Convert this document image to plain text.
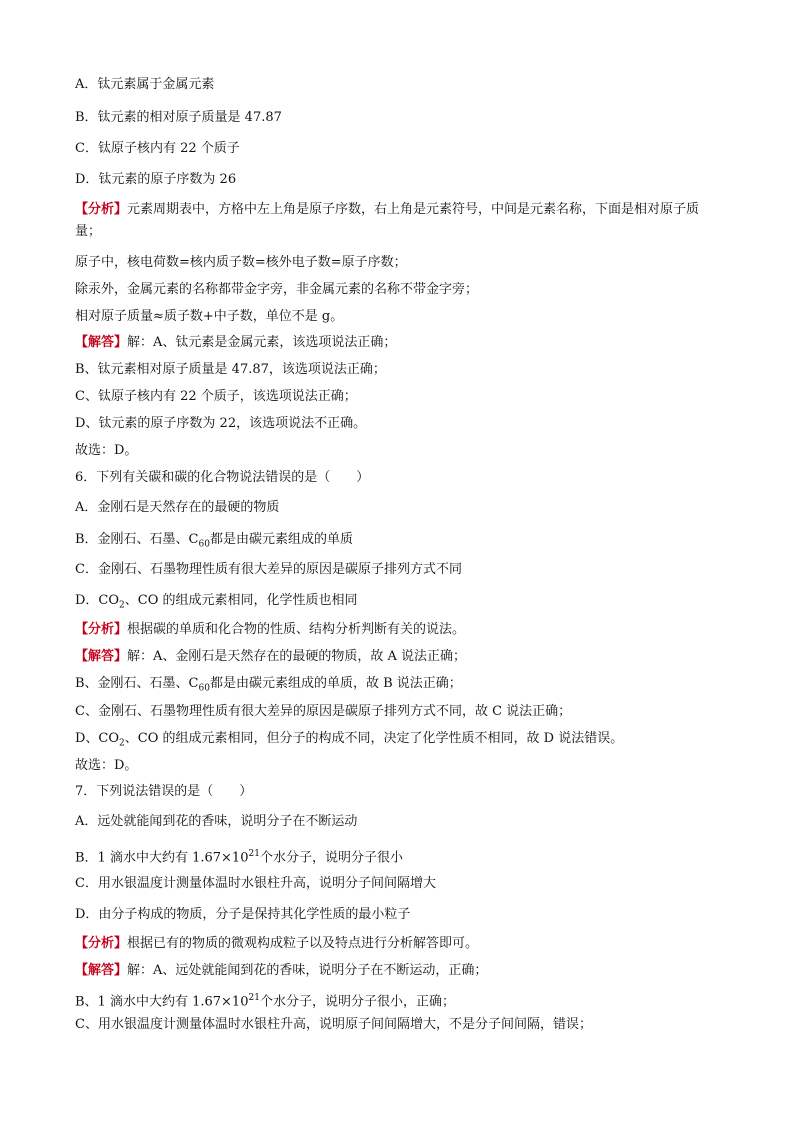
A．钛元素属于金属元素
B．钛元素的相对原子质量是 47.87
C．钛原子核内有 22 个质子
D．钛元素的原子序数为 26
【分析】元素周期表中，方格中左上角是原子序数，右上角是元素符号，中间是元素名称，下面是相对原子质量；
原子中，核电荷数=核内质子数=核外电子数=原子序数；
除汞外，金属元素的名称都带金字旁，非金属元素的名称不带金字旁；
相对原子质量≈质子数+中子数，单位不是 g。
【解答】解：A、钛元素是金属元素，该选项说法正确；
B、钛元素相对原子质量是 47.87，该选项说法正确；
C、钛原子核内有 22 个质子，该选项说法正确；
D、钛元素的原子序数为 22，该选项说法不正确。
故选：D。
6．下列有关碳和碳的化合物说法错误的是（　　）
A．金刚石是天然存在的最硬的物质
B．金刚石、石墨、$C_{60}$都是由碳元素组成的单质
C．金刚石、石墨物理性质有很大差异的原因是碳原子排列方式不同
D．$CO_2$、CO 的组成元素相同，化学性质也相同
【分析】根据碳的单质和化合物的性质、结构分析判断有关的说法。
【解答】解：A、金刚石是天然存在的最硬的物质，故 A 说法正确；
B、金刚石、石墨、$C_{60}$都是由碳元素组成的单质，故 B 说法正确；
C、金刚石、石墨物理性质有很大差异的原因是碳原子排列方式不同，故 C 说法正确；
D、$CO_2$、CO 的组成元素相同，但分子的构成不同，决定了化学性质不相同，故 D 说法错误。
故选：D。
7．下列说法错误的是（　　）
A．远处就能闻到花的香味，说明分子在不断运动
B．1 滴水中大约有 $1.67\times 10^{21}$个水分子，说明分子很小
C．用水银温度计测量体温时水银柱升高，说明分子间间隔增大
D．由分子构成的物质，分子是保持其化学性质的最小粒子
【分析】根据已有的物质的微观构成粒子以及特点进行分析解答即可。
【解答】解：A、远处就能闻到花的香味，说明分子在不断运动，正确；
B、1 滴水中大约有 $1.67\times 10^{21}$个水分子，说明分子很小，正确；
C、用水银温度计测量体温时水银柱升高，说明原子间间隔增大，不是分子间间隔，错误；
